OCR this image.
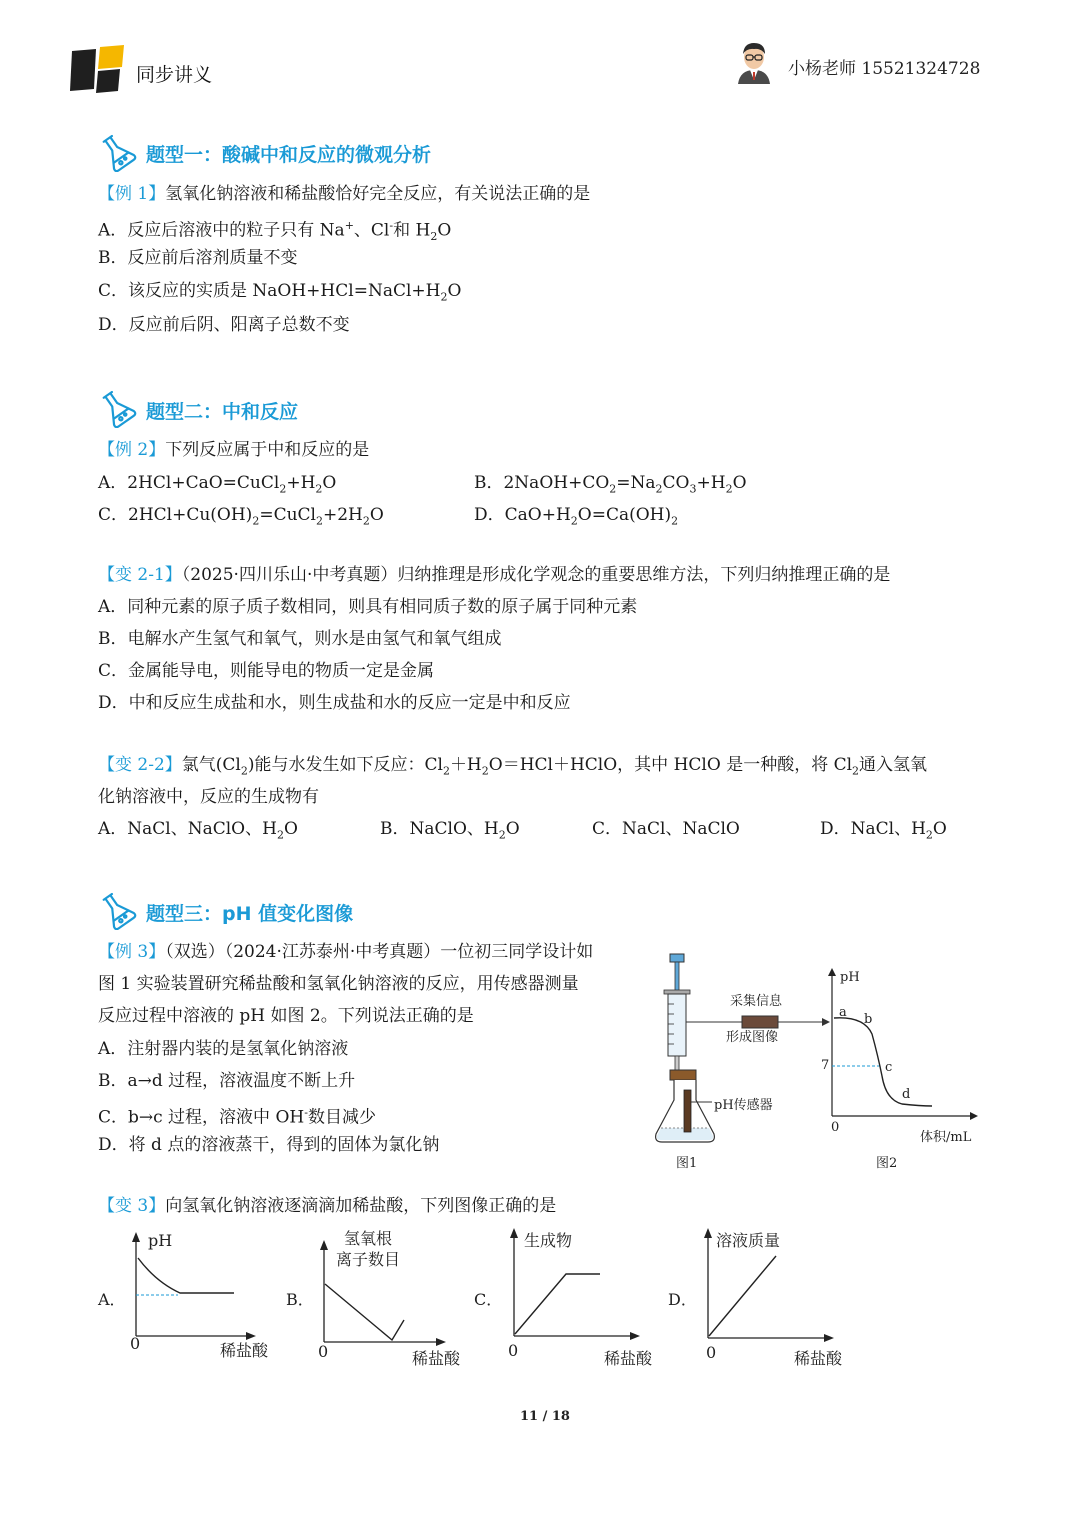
同步讲义	小杨老师 15521324728
题型一：酸碱中和反应的微观分析
【例 1】氢氧化钠溶液和稀盐酸恰好完全反应，有关说法正确的是
A．反应后溶液中的粒子只有 Na+、Cl-和 $H_2O$
B．反应前后溶剂质量不变
C．该反应的实质是 $NaOH+HCl=NaCl+H_2O$
D．反应前后阴、阳离子总数不变
题型二：中和反应
【例 2】下列反应属于中和反应的是
A．$2HCl+CaO=CuCl_2+H_2O$	B．$2NaOH+CO_2=Na_2CO_3+H_2O$
C．$2HCl+Cu(OH)_2=CuCl_2+2H_2O$	D．$CaO+H_2O=Ca(OH)_2$
【变 2-1】（2025·四川乐山·中考真题）归纳推理是形成化学观念的重要思维方法，下列归纳推理正确的是
A．同种元素的原子质子数相同，则具有相同质子数的原子属于同种元素
B．电解水产生氢气和氧气，则水是由氢气和氧气组成
C．金属能导电，则能导电的物质一定是金属
D．中和反应生成盐和水，则生成盐和水的反应一定是中和反应
【变 2-2】氯气$(Cl_2)$能与水发生如下反应：$Cl_2+H_2O=HCl+HClO$，其中 HClO 是一种酸，将 $Cl_2$通入氢氧
化钠溶液中，反应的生成物有
A．NaCl、NaClO、$H_2O$	B．NaClO、$H_2O$	C．NaCl、NaClO	D．NaCl、$H_2O$
题型三：pH 值变化图像
【例 3】（双选）（2024·江苏泰州·中考真题）一位初三同学设计如
图 1 实验装置研究稀盐酸和氢氧化钠溶液的反应，用传感器测量
反应过程中溶液的 pH 如图 2。下列说法正确的是
A．注射器内装的是氢氧化钠溶液
B．a→d 过程，溶液温度不断上升
C．b→c 过程，溶液中 OH-数目减少
D．将 d 点的溶液蒸干，得到的固体为氯化钠
采集信息
形成图像
pH传感器
图1
pH
a b
7	c
d
0
体积/mL
图2
【变 3】向氢氧化钠溶液逐滴滴加稀盐酸，下列图像正确的是
A．
pH
0	稀盐酸
B．
氢氧根
离子数目
0	稀盐酸
C．
生成物
0	稀盐酸
D．
溶液质量
0	稀盐酸
11 / 18
